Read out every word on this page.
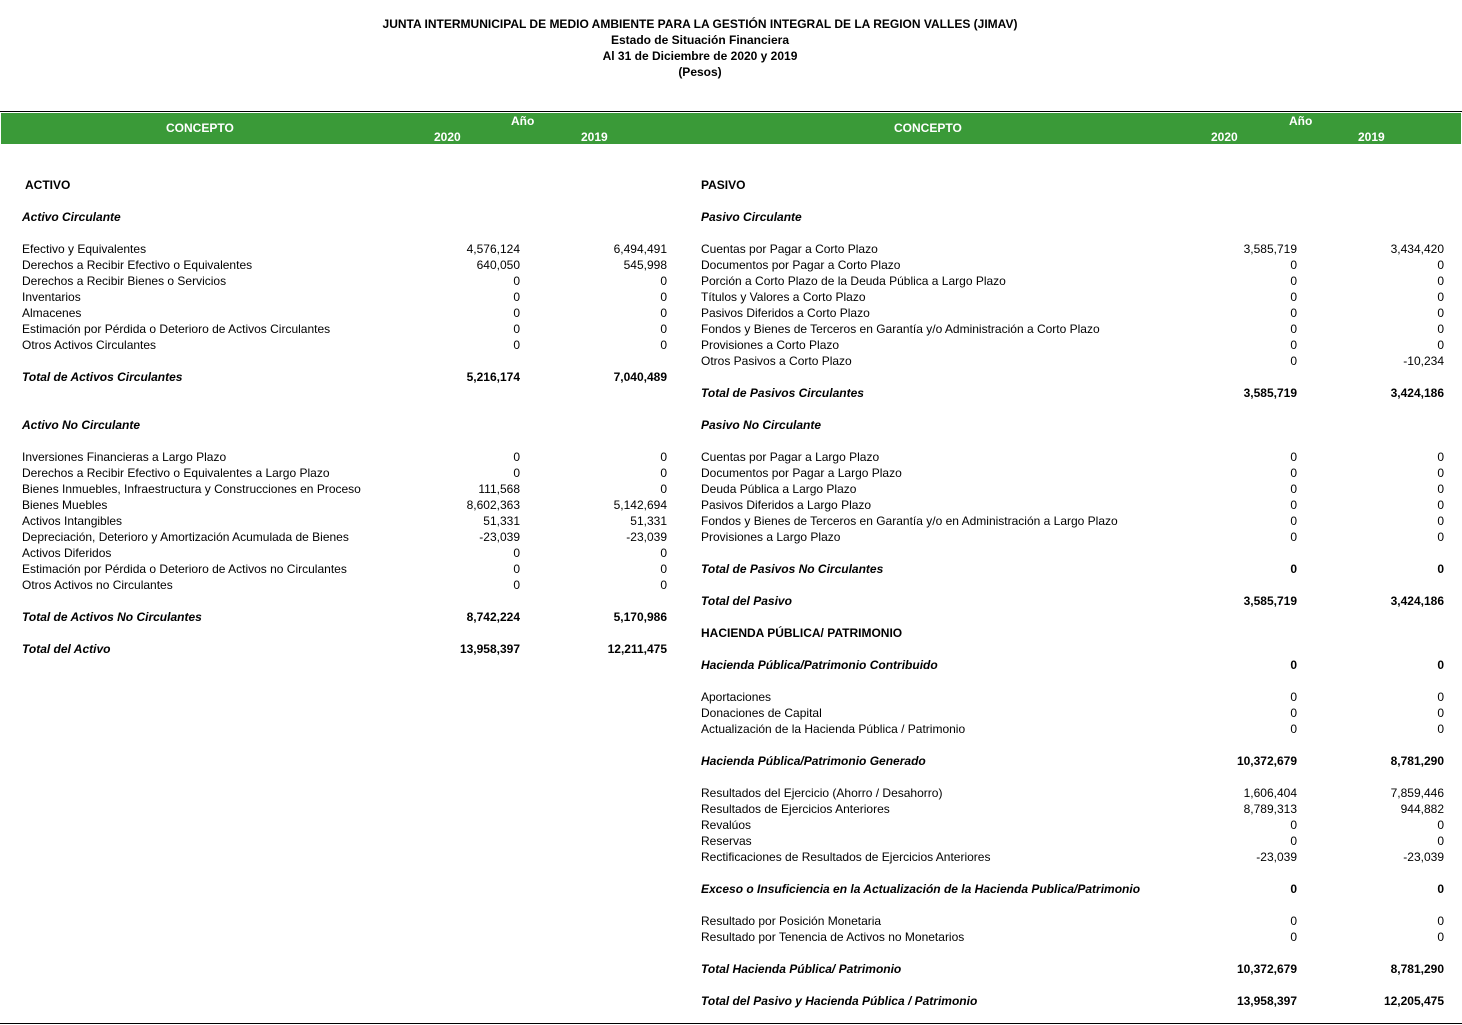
JUNTA INTERMUNICIPAL DE MEDIO AMBIENTE PARA LA GESTIÓN INTEGRAL DE LA REGION VALLES (JIMAV)
Estado de Situación Financiera
Al 31 de Diciembre de 2020 y 2019
(Pesos)
CONCEPTO	Año
2020	2019
CONCEPTO	Año
2020	2019
ACTIVO
Activo Circulante
Efectivo y Equivalentes	4,576,124	6,494,491
Derechos a Recibir Efectivo o Equivalentes	640,050	545,998
Derechos a Recibir Bienes o Servicios	0	0
Inventarios	0	0
Almacenes	0	0
Estimación por Pérdida o Deterioro de Activos Circulantes	0	0
Otros Activos Circulantes	0	0
Total de Activos Circulantes	5,216,174	7,040,489
Activo No Circulante
Inversiones Financieras a Largo Plazo	0	0
Derechos a Recibir Efectivo o Equivalentes a Largo Plazo	0	0
Bienes Inmuebles, Infraestructura y Construcciones en Proceso	111,568	0
Bienes Muebles	8,602,363	5,142,694
Activos Intangibles	51,331	51,331
Depreciación, Deterioro y Amortización Acumulada de Bienes	-23,039	-23,039
Activos Diferidos	0	0
Estimación por Pérdida o Deterioro de Activos no Circulantes	0	0
Otros Activos no Circulantes	0	0
Total de Activos No Circulantes	8,742,224	5,170,986
Total del Activo	13,958,397	12,211,475
PASIVO
Pasivo Circulante
Cuentas por Pagar a Corto Plazo	3,585,719	3,434,420
Documentos por Pagar a Corto Plazo	0	0
Porción a Corto Plazo de la Deuda Pública a Largo Plazo	0	0
Títulos y Valores a Corto Plazo	0	0
Pasivos Diferidos a Corto Plazo	0	0
Fondos y Bienes de Terceros en Garantía y/o Administración a Corto Plazo	0	0
Provisiones a Corto Plazo	0	0
Otros Pasivos a Corto Plazo	0	-10,234
Total de Pasivos Circulantes	3,585,719	3,424,186
Pasivo No Circulante
Cuentas por Pagar a Largo Plazo	0	0
Documentos por Pagar a Largo Plazo	0	0
Deuda Pública a Largo Plazo	0	0
Pasivos Diferidos a Largo Plazo	0	0
Fondos y Bienes de Terceros en Garantía y/o en Administración a Largo Plazo	0	0
Provisiones a Largo Plazo	0	0
Total de Pasivos No Circulantes	0	0
Total del Pasivo	3,585,719	3,424,186
HACIENDA PÚBLICA/ PATRIMONIO
Hacienda Pública/Patrimonio Contribuido	0	0
Aportaciones	0	0
Donaciones de Capital	0	0
Actualización de la Hacienda Pública / Patrimonio	0	0
Hacienda Pública/Patrimonio Generado	10,372,679	8,781,290
Resultados del Ejercicio (Ahorro / Desahorro)	1,606,404	7,859,446
Resultados de Ejercicios Anteriores	8,789,313	944,882
Revalúos	0	0
Reservas	0	0
Rectificaciones de Resultados de Ejercicios Anteriores	-23,039	-23,039
Exceso o Insuficiencia en la Actualización de la Hacienda Publica/Patrimonio	0	0
Resultado por Posición Monetaria	0	0
Resultado por Tenencia de Activos no Monetarios	0	0
Total Hacienda Pública/ Patrimonio	10,372,679	8,781,290
Total del Pasivo y Hacienda Pública / Patrimonio	13,958,397	12,205,475
